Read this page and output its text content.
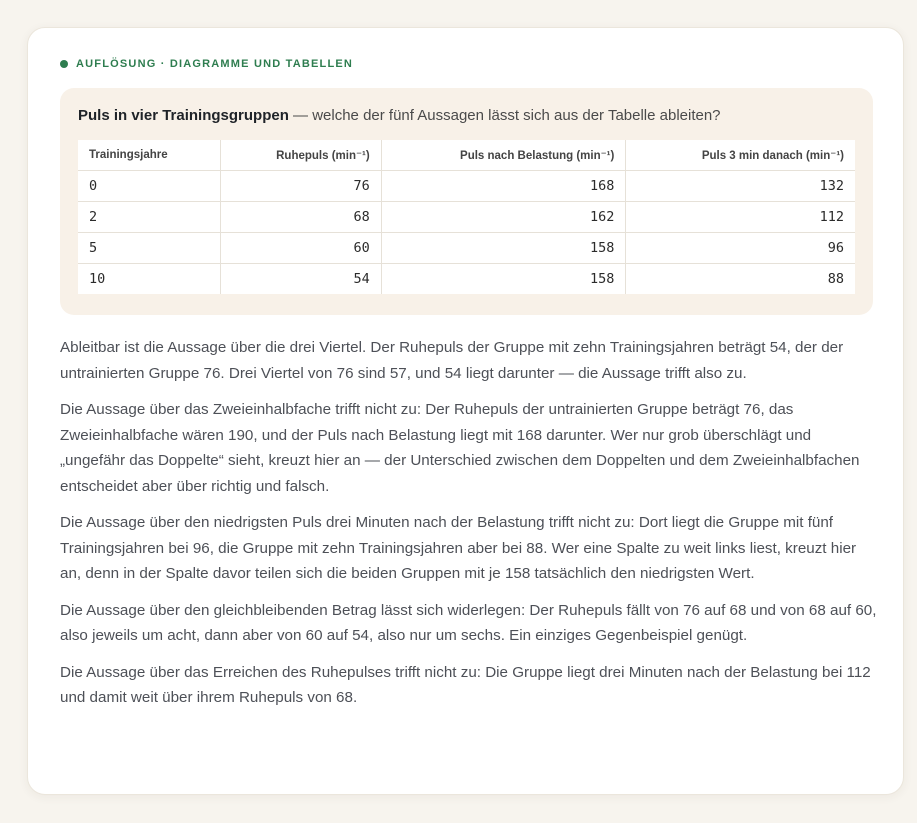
AUFLÖSUNG · DIAGRAMME UND TABELLEN

Puls in vier Trainingsgruppen — welche der fünf Aussagen lässt sich aus der Tabelle ableiten?

Trainingsjahre	Ruhepuls (min⁻¹)	Puls nach Belastung (min⁻¹)	Puls 3 min danach (min⁻¹)
0	76	168	132
2	68	162	112
5	60	158	96
10	54	158	88

Ableitbar ist die Aussage über die drei Viertel. Der Ruhepuls der Gruppe mit zehn Trainingsjahren beträgt 54, der der untrainierten Gruppe 76. Drei Viertel von 76 sind 57, und 54 liegt darunter — die Aussage trifft also zu.

Die Aussage über das Zweieinhalbfache trifft nicht zu: Der Ruhepuls der untrainierten Gruppe beträgt 76, das Zweieinhalbfache wären 190, und der Puls nach Belastung liegt mit 168 darunter. Wer nur grob überschlägt und „ungefähr das Doppelte“ sieht, kreuzt hier an — der Unterschied zwischen dem Doppelten und dem Zweieinhalbfachen entscheidet aber über richtig und falsch.

Die Aussage über den niedrigsten Puls drei Minuten nach der Belastung trifft nicht zu: Dort liegt die Gruppe mit fünf Trainingsjahren bei 96, die Gruppe mit zehn Trainingsjahren aber bei 88. Wer eine Spalte zu weit links liest, kreuzt hier an, denn in der Spalte davor teilen sich die beiden Gruppen mit je 158 tatsächlich den niedrigsten Wert.

Die Aussage über den gleichbleibenden Betrag lässt sich widerlegen: Der Ruhepuls fällt von 76 auf 68 und von 68 auf 60, also jeweils um acht, dann aber von 60 auf 54, also nur um sechs. Ein einziges Gegenbeispiel genügt.

Die Aussage über das Erreichen des Ruhepulses trifft nicht zu: Die Gruppe liegt drei Minuten nach der Belastung bei 112 und damit weit über ihrem Ruhepuls von 68.
